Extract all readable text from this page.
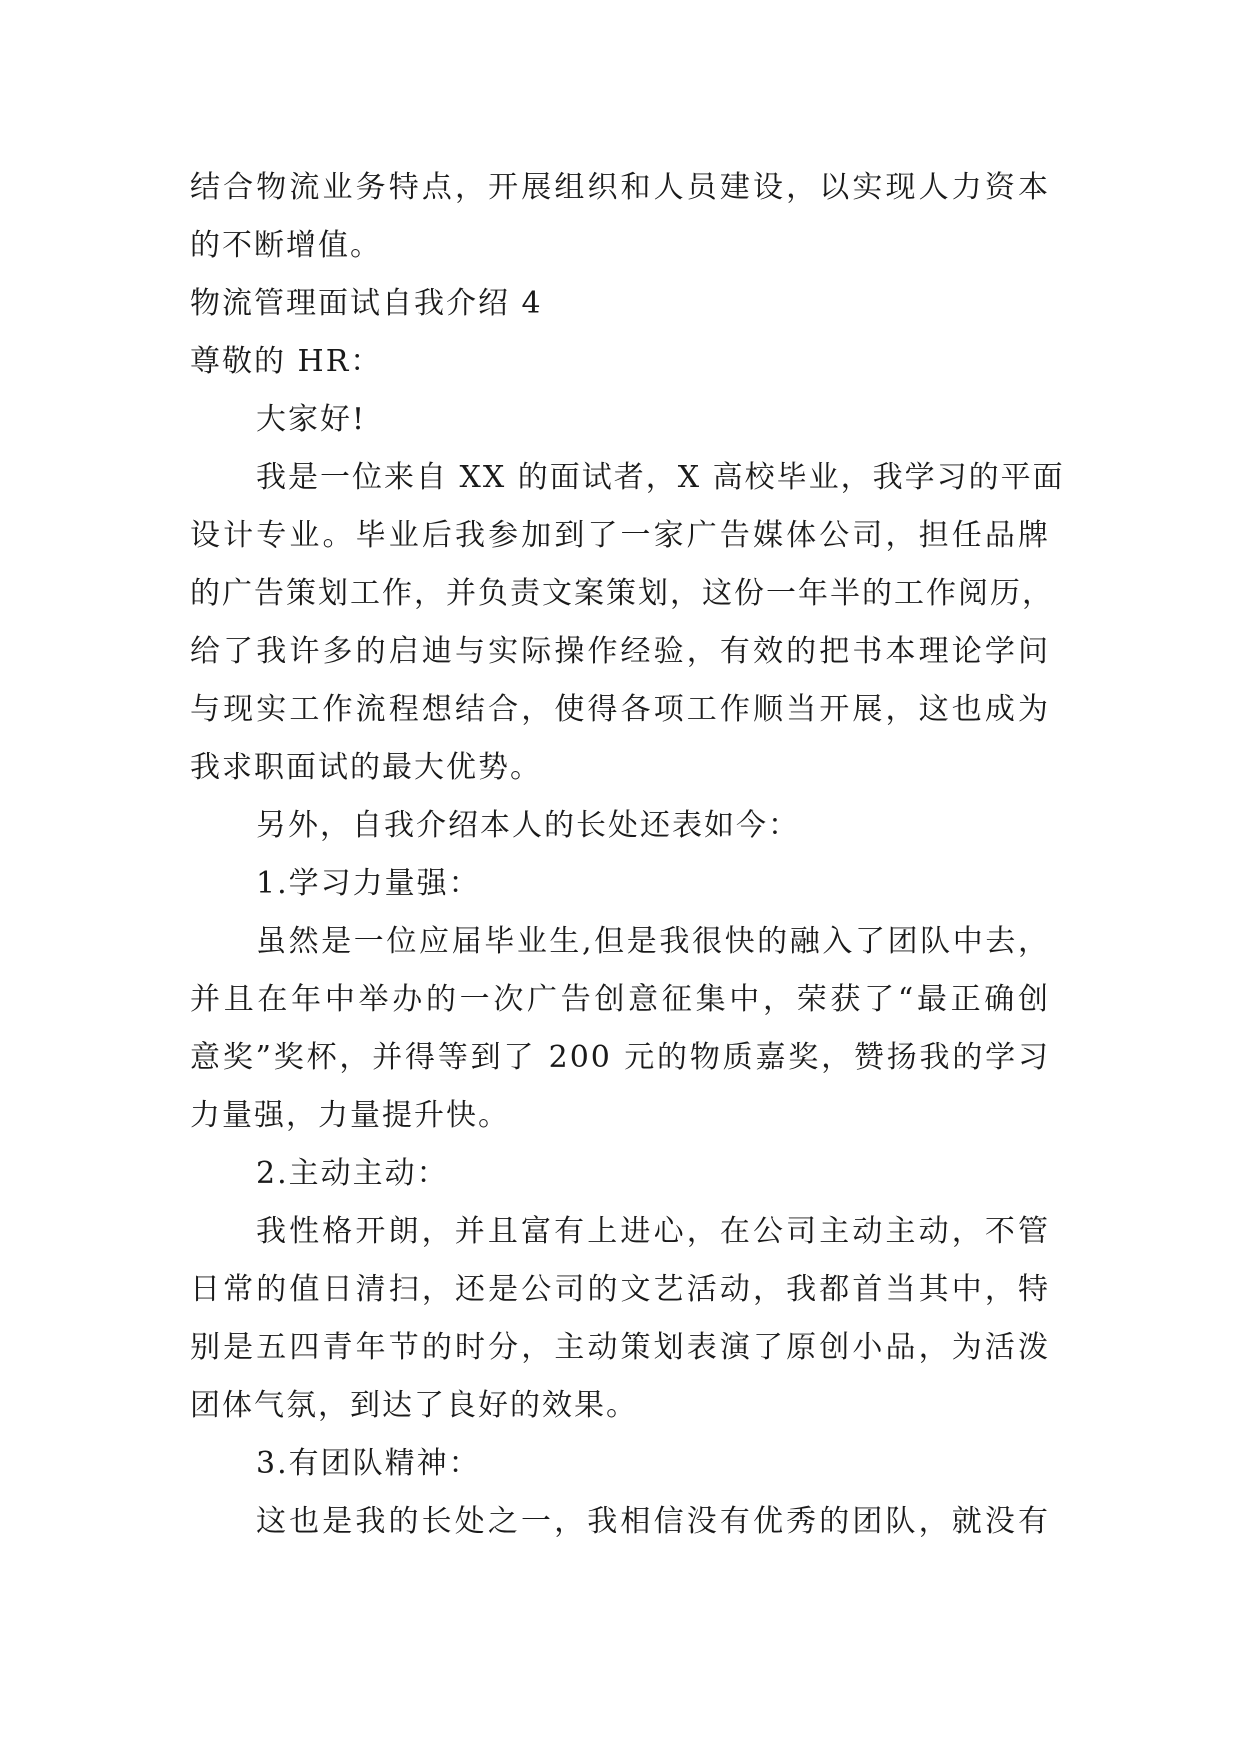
结合物流业务特点，开展组织和人员建设，以实现人力资本
的不断增值。
物流管理面试自我介绍 4
尊敬的 HR：
大家好!
我是一位来自 XX 的面试者，X 高校毕业，我学习的平面
设计专业。毕业后我参加到了一家广告媒体公司，担任品牌
的广告策划工作，并负责文案策划，这份一年半的工作阅历，
给了我许多的启迪与实际操作经验，有效的把书本理论学问
与现实工作流程想结合，使得各项工作顺当开展，这也成为
我求职面试的最大优势。
另外，自我介绍本人的长处还表如今：
1.学习力量强：
虽然是一位应届毕业生,但是我很快的融入了团队中去，
并且在年中举办的一次广告创意征集中，荣获了“最正确创
意奖”奖杯，并得等到了 200 元的物质嘉奖，赞扬我的学习
力量强，力量提升快。
2.主动主动：
我性格开朗，并且富有上进心，在公司主动主动，不管
日常的值日清扫，还是公司的文艺活动，我都首当其中，特
别是五四青年节的时分，主动策划表演了原创小品，为活泼
团体气氛，到达了良好的效果。
3.有团队精神：
这也是我的长处之一，我相信没有优秀的团队，就没有
